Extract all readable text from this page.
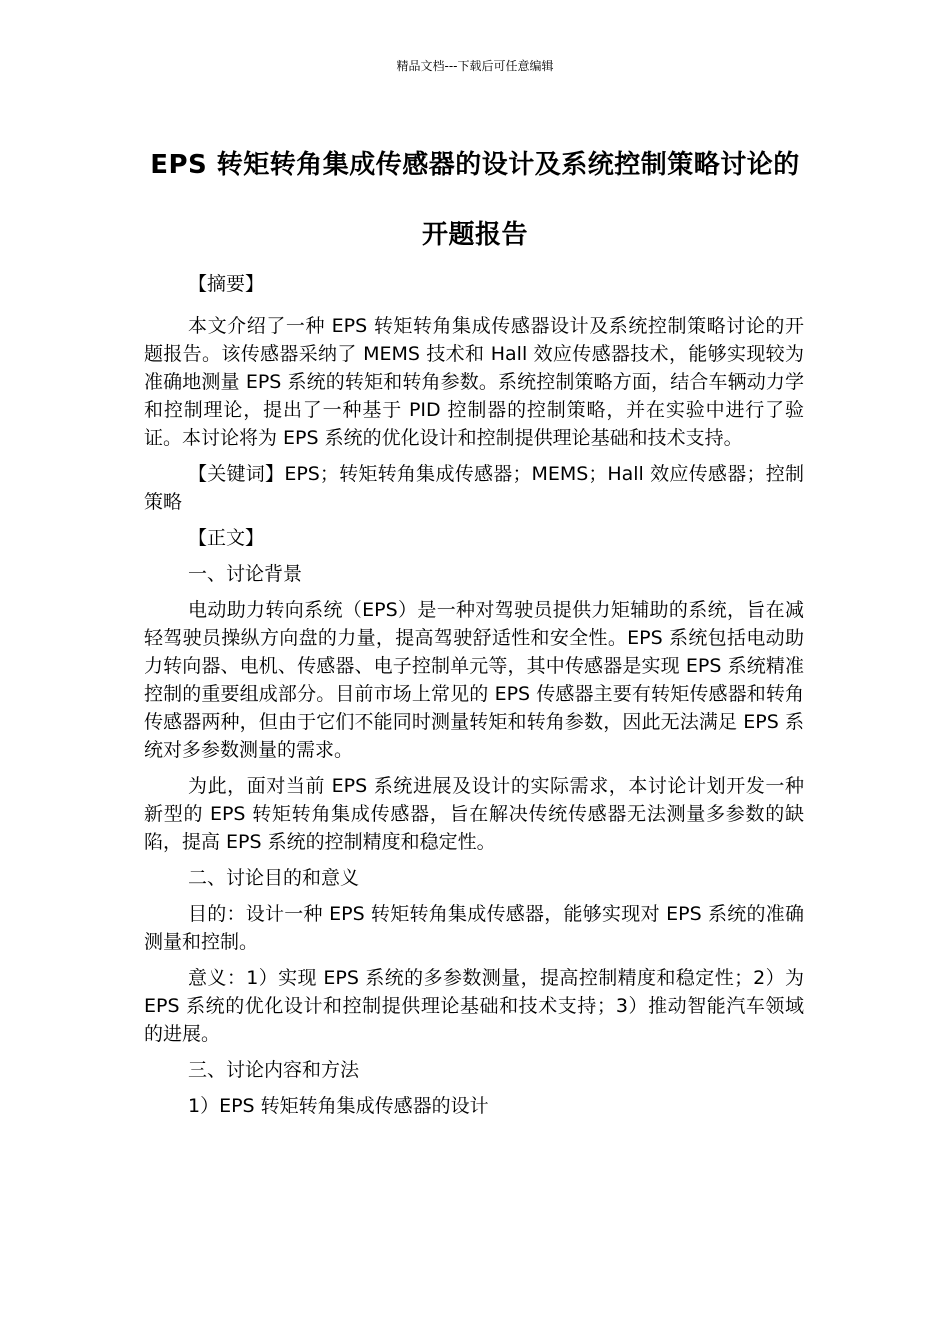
精品文档---下载后可任意编辑
EPS 转矩转角集成传感器的设计及系统控制策略讨论的开题报告

【摘要】

本文介绍了一种 EPS 转矩转角集成传感器设计及系统控制策略讨论的开题报告。该传感器采纳了 MEMS 技术和 Hall 效应传感器技术，能够实现较为准确地测量 EPS 系统的转矩和转角参数。系统控制策略方面，结合车辆动力学和控制理论，提出了一种基于 PID 控制器的控制策略，并在实验中进行了验证。本讨论将为 EPS 系统的优化设计和控制提供理论基础和技术支持。

【关键词】EPS；转矩转角集成传感器；MEMS；Hall 效应传感器；控制策略

【正文】

一、讨论背景

电动助力转向系统（EPS）是一种对驾驶员提供力矩辅助的系统，旨在减轻驾驶员操纵方向盘的力量，提高驾驶舒适性和安全性。EPS 系统包括电动助力转向器、电机、传感器、电子控制单元等，其中传感器是实现 EPS 系统精准控制的重要组成部分。目前市场上常见的 EPS 传感器主要有转矩传感器和转角传感器两种，但由于它们不能同时测量转矩和转角参数，因此无法满足 EPS 系统对多参数测量的需求。

为此，面对当前 EPS 系统进展及设计的实际需求，本讨论计划开发一种新型的 EPS 转矩转角集成传感器，旨在解决传统传感器无法测量多参数的缺陷，提高 EPS 系统的控制精度和稳定性。

二、讨论目的和意义

目的：设计一种 EPS 转矩转角集成传感器，能够实现对 EPS 系统的准确测量和控制。

意义：1）实现 EPS 系统的多参数测量，提高控制精度和稳定性；2）为 EPS 系统的优化设计和控制提供理论基础和技术支持；3）推动智能汽车领域的进展。

三、讨论内容和方法

1）EPS 转矩转角集成传感器的设计
